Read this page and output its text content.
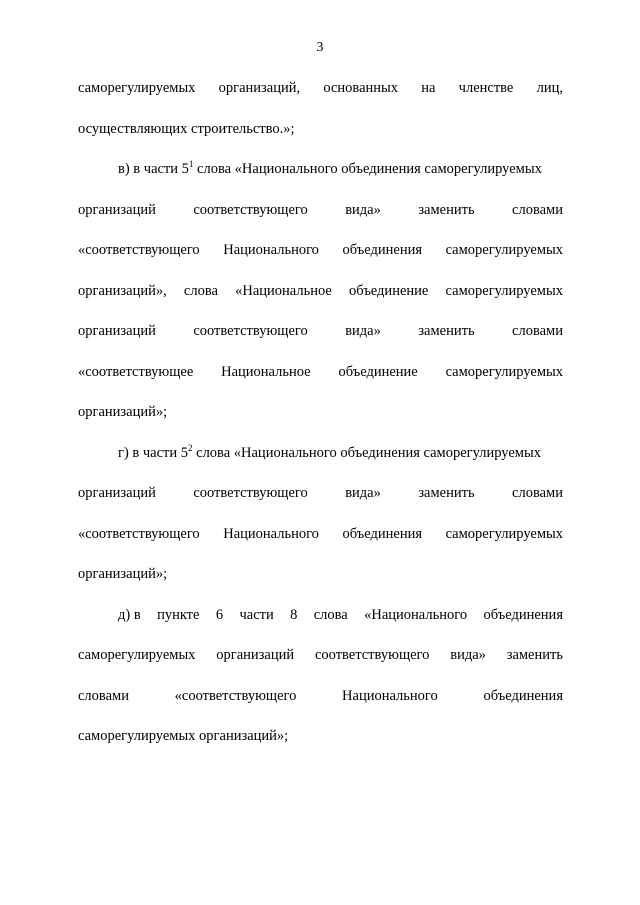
3
саморегулируемых организаций, основанных на членстве лиц,
осуществляющих строительство.»;
в) в части $5^1$ слова «Национального объединения саморегулируемых
организаций	соответствующего	вида»	заменить	словами
«соответствующего Национального объединения саморегулируемых
организаций», слова «Национальное объединение саморегулируемых
организаций	соответствующего	вида»	заменить	словами
«соответствующее Национальное объединение саморегулируемых
организаций»;
г) в части $5^2$ слова «Национального объединения саморегулируемых
организаций	соответствующего	вида»	заменить	словами
«соответствующего Национального объединения саморегулируемых
организаций»;
д) в пункте 6 части 8 слова «Национального объединения
саморегулируемых организаций соответствующего вида» заменить
словами	«соответствующего	Национального	объединения
саморегулируемых организаций»;
